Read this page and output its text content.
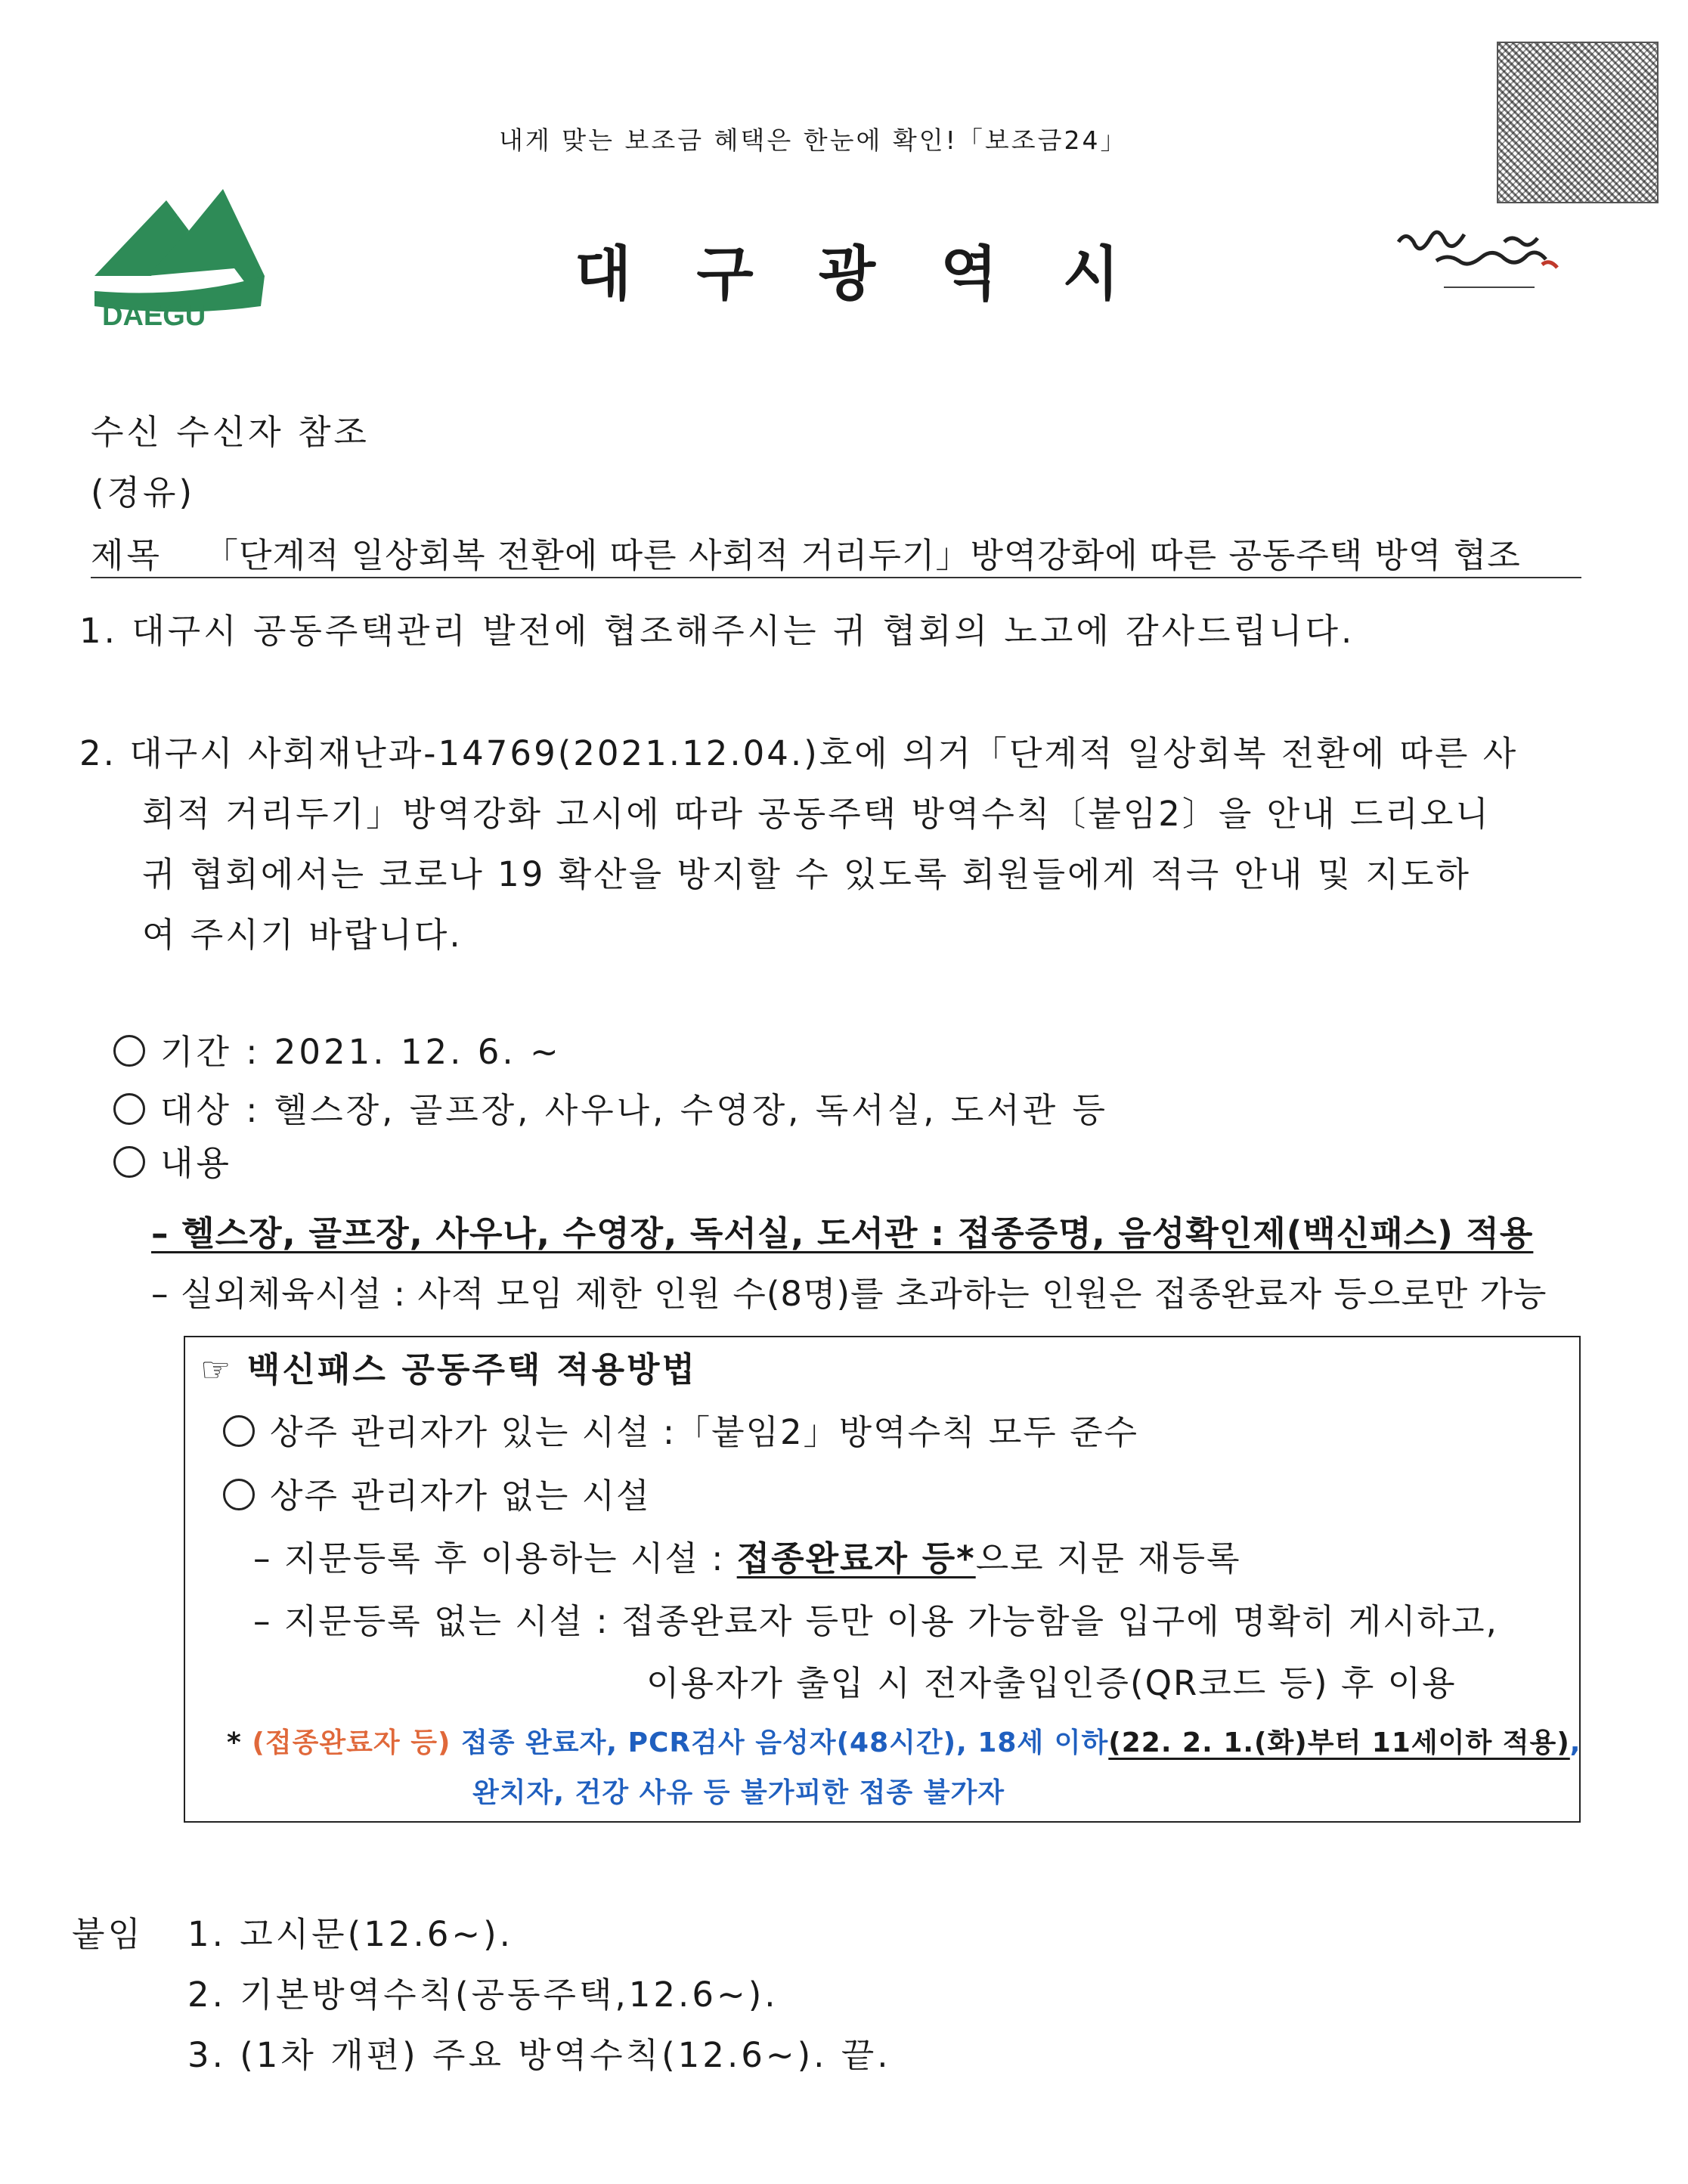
내게 맞는 보조금 혜택은 한눈에 확인!「보조금24」
DAEGU
대 구 광 역 시
수신 수신자 참조
(경유)
제목 「단계적 일상회복 전환에 따른 사회적 거리두기」방역강화에 따른 공동주택 방역 협조
1. 대구시 공동주택관리 발전에 협조해주시는 귀 협회의 노고에 감사드립니다.
2. 대구시 사회재난과-14769(2021.12.04.)호에 의거「단계적 일상회복 전환에 따른 사
회적 거리두기」방역강화 고시에 따라 공동주택 방역수칙〔붙임2〕을 안내 드리오니
귀 협회에서는 코로나 19 확산을 방지할 수 있도록 회원들에게 적극 안내 및 지도하
여 주시기 바랍니다.
기간 : 2021. 12. 6. ~
대상 : 헬스장, 골프장, 사우나, 수영장, 독서실, 도서관 등
내용
– 헬스장, 골프장, 사우나, 수영장, 독서실, 도서관 : 접종증명, 음성확인제(백신패스) 적용
– 실외체육시설 : 사적 모임 제한 인원 수(8명)를 초과하는 인원은 접종완료자 등으로만 가능
☞ 백신패스 공동주택 적용방법
상주 관리자가 있는 시설 :「붙임2」방역수칙 모두 준수
상주 관리자가 없는 시설
– 지문등록 후 이용하는 시설 : 접종완료자 등*으로 지문 재등록
– 지문등록 없는 시설 : 접종완료자 등만 이용 가능함을 입구에 명확히 게시하고,
이용자가 출입 시 전자출입인증(QR코드 등) 후 이용
* (접종완료자 등) 접종 완료자, PCR검사 음성자(48시간), 18세 이하(22. 2. 1.(화)부터 11세이하 적용),
완치자, 건강 사유 등 불가피한 접종 불가자
붙임 1. 고시문(12.6~).
2. 기본방역수칙(공동주택,12.6~).
3. (1차 개편) 주요 방역수칙(12.6~). 끝.
